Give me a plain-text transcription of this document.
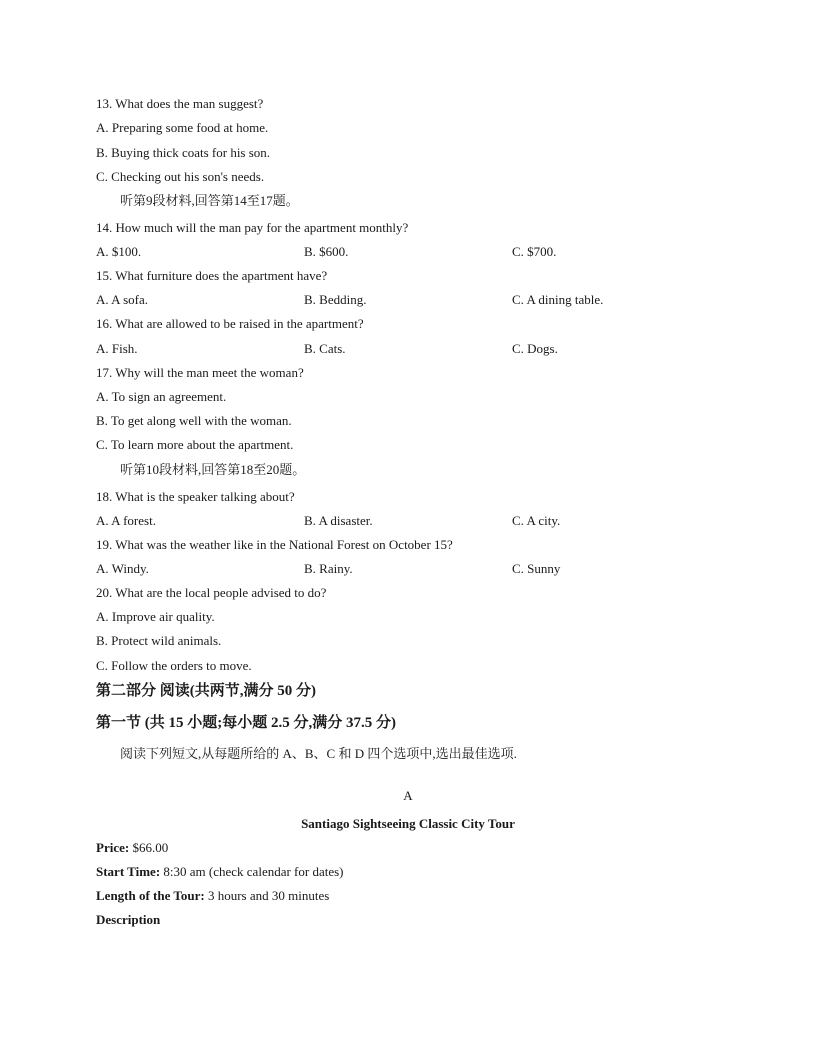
13. What does the man suggest?
A. Preparing some food at home.
B. Buying thick coats for his son.
C. Checking out his son's needs.
听第9段材料,回答第14至17题。
14. How much will the man pay for the apartment monthly?
A. $100.	B. $600.	C. $700.
15. What furniture does the apartment have?
A. A sofa.	B. Bedding.	C. A dining table.
16. What are allowed to be raised in the apartment?
A. Fish.	B. Cats.	C. Dogs.
17. Why will the man meet the woman?
A. To sign an agreement.
B. To get along well with the woman.
C. To learn more about the apartment.
听第10段材料,回答第18至20题。
18. What is the speaker talking about?
A. A forest.	B. A disaster.	C. A city.
19. What was the weather like in the National Forest on October 15?
A. Windy.	B. Rainy.	C. Sunny
20. What are the local people advised to do?
A. Improve air quality.
B. Protect wild animals.
C. Follow the orders to move.
第二部分 阅读(共两节,满分 50 分)
第一节 (共 15 小题;每小题 2.5 分,满分 37.5 分)
阅读下列短文,从每题所给的 A、B、C 和 D 四个选项中,选出最佳选项.
A
Santiago Sightseeing Classic City Tour
Price: $66.00
Start Time: 8:30 am (check calendar for dates)
Length of the Tour: 3 hours and 30 minutes
Description
